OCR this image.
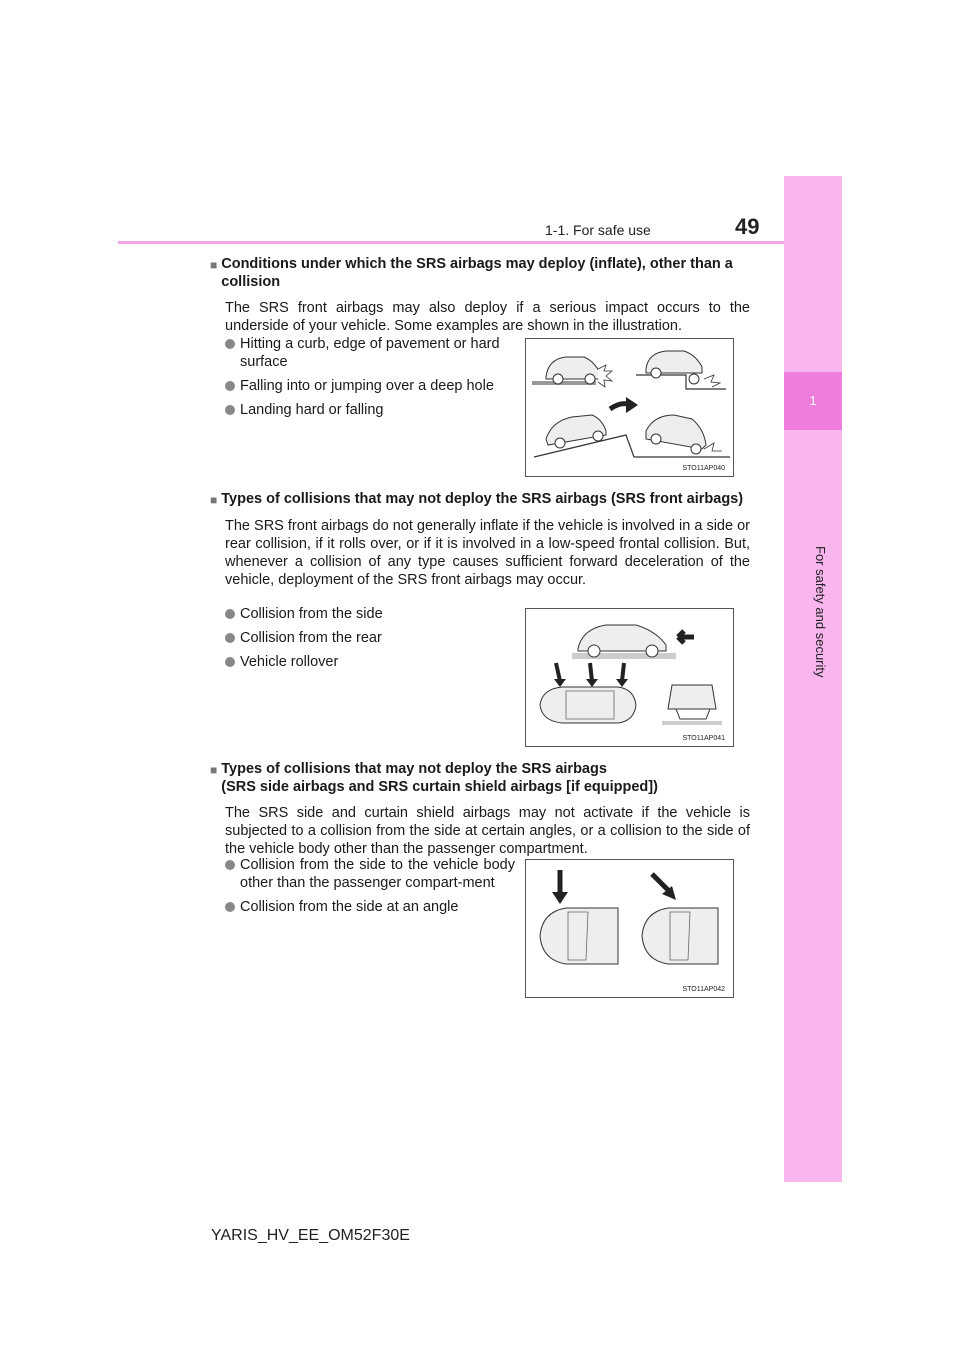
1
For safety and security
1-1. For safe use	49
■ Conditions under which the SRS airbags may deploy (inflate), other than a collision
The SRS front airbags may also deploy if a serious impact occurs to the underside of your vehicle. Some examples are shown in the illustration.
Hitting a curb, edge of pavement or hard surface
Falling into or jumping over a deep hole
Landing hard or falling
STO11AP040
■ Types of collisions that may not deploy the SRS airbags (SRS front airbags)
The SRS front airbags do not generally inflate if the vehicle is involved in a side or rear collision, if it rolls over, or if it is involved in a low-speed frontal collision. But, whenever a collision of any type causes sufficient forward deceleration of the vehicle, deployment of the SRS front airbags may occur.
Collision from the side
Collision from the rear
Vehicle rollover
STO11AP041
■ Types of collisions that may not deploy the SRS airbags
(SRS side airbags and SRS curtain shield airbags [if equipped])
The SRS side and curtain shield airbags may not activate if the vehicle is subjected to a collision from the side at certain angles, or a collision to the side of the vehicle body other than the passenger compartment.
Collision from the side to the vehicle body other than the passenger compart-ment
Collision from the side at an angle
STO11AP042
YARIS_HV_EE_OM52F30E
